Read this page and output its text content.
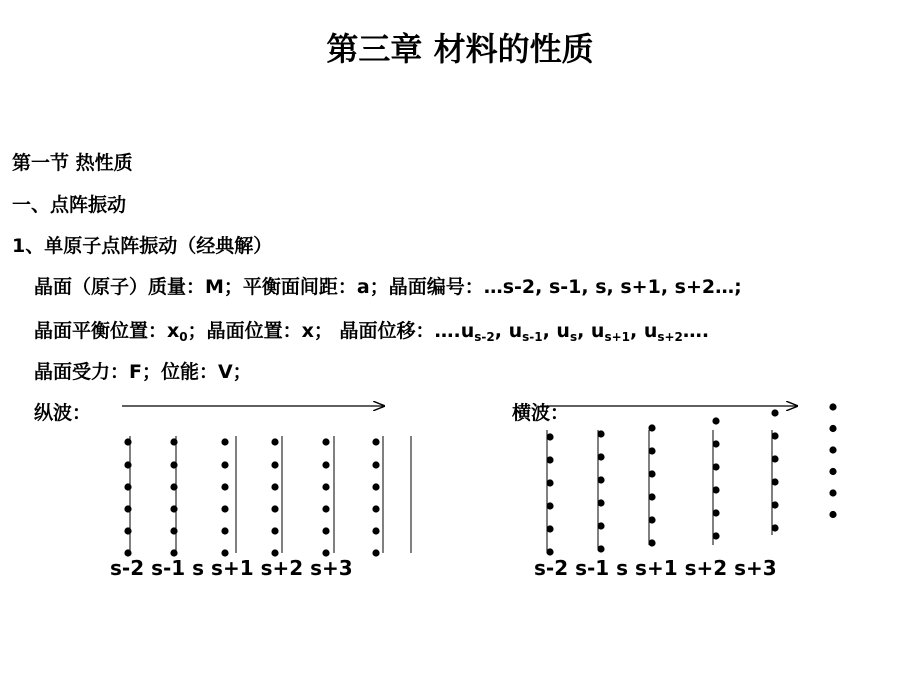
第三章 材料的性质
第一节 热性质
一、点阵振动
1、单原子点阵振动（经典解）
晶面（原子）质量：M；平衡面间距：a；晶面编号：…s-2, s-1, s, s+1, s+2…;
晶面平衡位置：$x_0$；晶面位置：x； 晶面位移：$\dots.u_{s-2}$, $u_{s-1}$, $u_s$, $u_{s+1}$, $u_{s+2}\dots$.
晶面受力：F；位能：V；
纵波：	横波：
s-2 s-1 s s+1 s+2 s+3	s-2 s-1 s s+1 s+2 s+3
